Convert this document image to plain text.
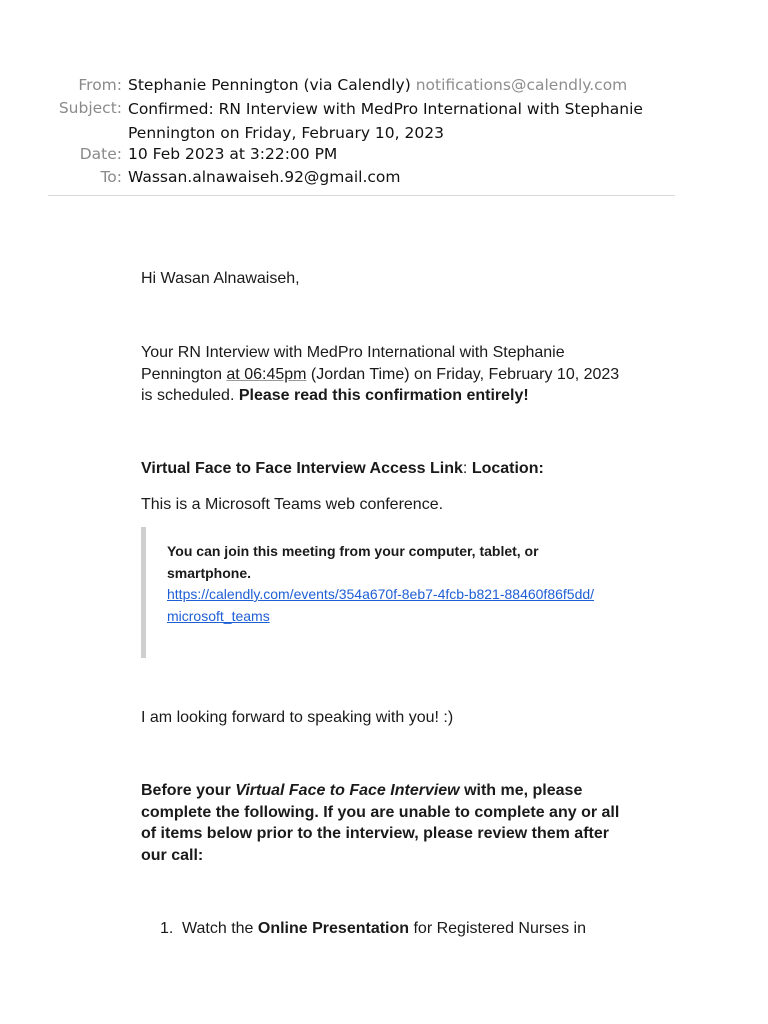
From: Stephanie Pennington (via Calendly) notifications@calendly.com
Subject: Confirmed: RN Interview with MedPro International with Stephanie
Pennington on Friday, February 10, 2023
Date: 10 Feb 2023 at 3:22:00 PM
To: Wassan.alnawaiseh.92@gmail.com

Hi Wasan Alnawaiseh,

Your RN Interview with MedPro International with Stephanie Pennington at 06:45pm (Jordan Time) on Friday, February 10, 2023 is scheduled. Please read this confirmation entirely!

Virtual Face to Face Interview Access Link: Location:

This is a Microsoft Teams web conference.

I am looking forward to speaking with you! :)

Before your Virtual Face to Face Interview with me, please complete the following. If you are unable to complete any or all of items below prior to the interview, please review them after our call:

You can join this meeting from your computer, tablet, or smartphone.
https://calendly.com/events/354a670f-8eb7-4fcb-b821-88460f86f5dd/
microsoft_teams
1. Watch the Online Presentation for Registered Nurses in
